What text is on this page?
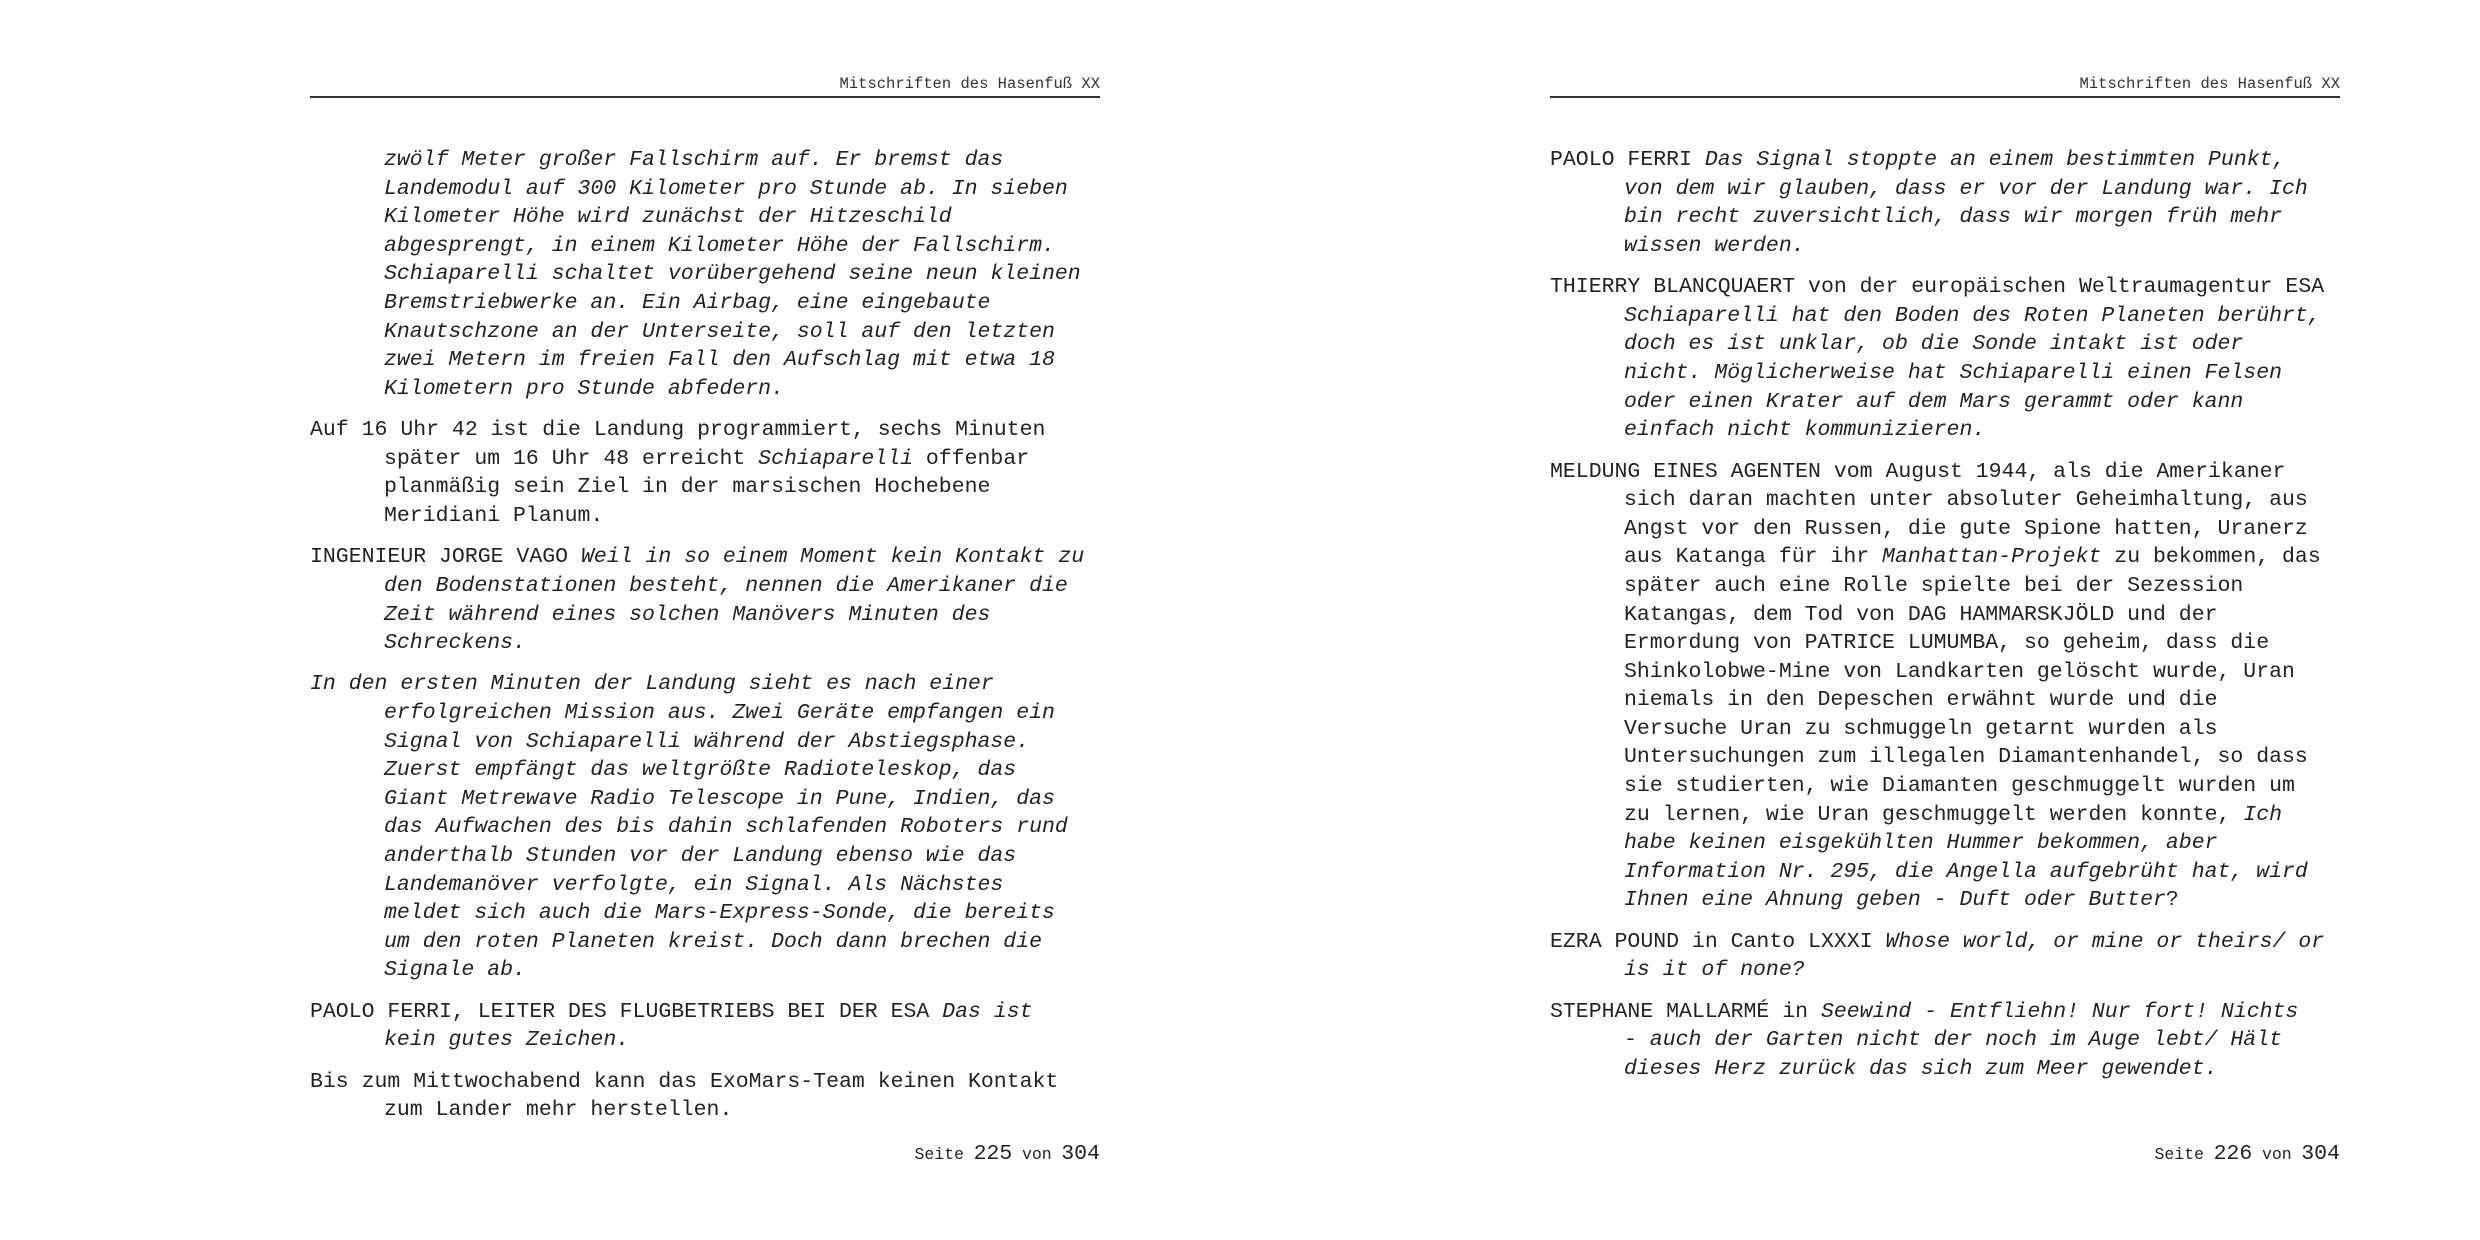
Mitschriften des Hasenfuß XX
zwölf Meter großer Fallschirm auf. Er bremst das
Landemodul auf 300 Kilometer pro Stunde ab. In sieben
Kilometer Höhe wird zunächst der Hitzeschild
abgesprengt, in einem Kilometer Höhe der Fallschirm.
Schiaparelli schaltet vorübergehend seine neun kleinen
Bremstriebwerke an. Ein Airbag, eine eingebaute
Knautschzone an der Unterseite, soll auf den letzten
zwei Metern im freien Fall den Aufschlag mit etwa 18
Kilometern pro Stunde abfedern.
Auf 16 Uhr 42 ist die Landung programmiert, sechs Minuten
später um 16 Uhr 48 erreicht Schiaparelli offenbar
planmäßig sein Ziel in der marsischen Hochebene
Meridiani Planum.
INGENIEUR JORGE VAGO Weil in so einem Moment kein Kontakt zu
den Bodenstationen besteht, nennen die Amerikaner die
Zeit während eines solchen Manövers Minuten des
Schreckens.
In den ersten Minuten der Landung sieht es nach einer
erfolgreichen Mission aus. Zwei Geräte empfangen ein
Signal von Schiaparelli während der Abstiegsphase.
Zuerst empfängt das weltgrößte Radioteleskop, das
Giant Metrewave Radio Telescope in Pune, Indien, das
das Aufwachen des bis dahin schlafenden Roboters rund
anderthalb Stunden vor der Landung ebenso wie das
Landemanöver verfolgte, ein Signal. Als Nächstes
meldet sich auch die Mars-Express-Sonde, die bereits
um den roten Planeten kreist. Doch dann brechen die
Signale ab.
PAOLO FERRI, LEITER DES FLUGBETRIEBS BEI DER ESA Das ist
kein gutes Zeichen.
Bis zum Mittwochabend kann das ExoMars-Team keinen Kontakt
zum Lander mehr herstellen.
Seite 225 von 304
Mitschriften des Hasenfuß XX
PAOLO FERRI Das Signal stoppte an einem bestimmten Punkt,
von dem wir glauben, dass er vor der Landung war. Ich
bin recht zuversichtlich, dass wir morgen früh mehr
wissen werden.
THIERRY BLANCQUAERT von der europäischen Weltraumagentur ESA
Schiaparelli hat den Boden des Roten Planeten berührt,
doch es ist unklar, ob die Sonde intakt ist oder
nicht. Möglicherweise hat Schiaparelli einen Felsen
oder einen Krater auf dem Mars gerammt oder kann
einfach nicht kommunizieren.
MELDUNG EINES AGENTEN vom August 1944, als die Amerikaner
sich daran machten unter absoluter Geheimhaltung, aus
Angst vor den Russen, die gute Spione hatten, Uranerz
aus Katanga für ihr Manhattan-Projekt zu bekommen, das
später auch eine Rolle spielte bei der Sezession
Katangas, dem Tod von DAG HAMMARSKJÖLD und der
Ermordung von PATRICE LUMUMBA, so geheim, dass die
Shinkolobwe-Mine von Landkarten gelöscht wurde, Uran
niemals in den Depeschen erwähnt wurde und die
Versuche Uran zu schmuggeln getarnt wurden als
Untersuchungen zum illegalen Diamantenhandel, so dass
sie studierten, wie Diamanten geschmuggelt wurden um
zu lernen, wie Uran geschmuggelt werden konnte, Ich
habe keinen eisgekühlten Hummer bekommen, aber
Information Nr. 295, die Angella aufgebrüht hat, wird
Ihnen eine Ahnung geben - Duft oder Butter?
EZRA POUND in Canto LXXXI Whose world, or mine or theirs/ or
is it of none?
STEPHANE MALLARMÉ in Seewind - Entfliehn! Nur fort! Nichts
- auch der Garten nicht der noch im Auge lebt/ Hält
dieses Herz zurück das sich zum Meer gewendet.
Seite 226 von 304
